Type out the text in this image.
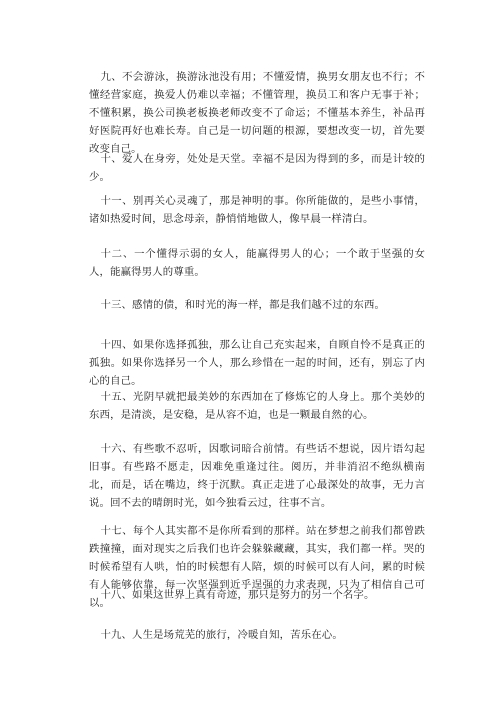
九、不会游泳，换游泳池没有用；不懂爱情，换男女朋友也不行；不懂经营家庭，换爱人仍难以幸福；不懂管理，换员工和客户无事于补；不懂积累，换公司换老板换老师改变不了命运；不懂基本养生，补品再好医院再好也难长寿。自己是一切问题的根源，要想改变一切，首先要改变自己。

十、爱人在身旁，处处是天堂。幸福不是因为得到的多，而是计较的少。

十一、别再关心灵魂了，那是神明的事。你所能做的，是些小事情，诸如热爱时间，思念母亲，静悄悄地做人，像早晨一样清白。

十二、一个懂得示弱的女人，能赢得男人的心；一个敢于坚强的女人，能赢得男人的尊重。

十三、感情的债，和时光的海一样，都是我们越不过的东西。

十四、如果你选择孤独，那么让自己充实起来，自顾自怜不是真正的孤独。如果你选择另一个人，那么珍惜在一起的时间，还有，别忘了内心的自己。

十五、光阴早就把最美妙的东西加在了修炼它的人身上。那个美妙的东西，是清淡，是安稳，是从容不迫，也是一颗最自然的心。

十六、有些歌不忍听，因歌词暗合前情。有些话不想说，因片语勾起旧事。有些路不愿走，因难免重逢过往。阅历，并非消沼不绝纵横南北，而是，话在嘴边，终于沉默。真正走进了心最深处的故事，无力言说。回不去的晴朗时光，如今独看云过，往事不言。

十七、每个人其实都不是你所看到的那样。站在梦想之前我们都曾跌跌撞撞，面对现实之后我们也许会躲躲藏藏，其实，我们都一样。哭的时候希望有人哄，怕的时候想有人陪，烦的时候可以有人问，累的时候有人能够依靠，每一次坚强到近乎逞强的力求表现，只为了相信自己可以。

十八、如果这世界上真有奇迹，那只是努力的另一个名字。

十九、人生是场荒芜的旅行，冷暖自知，苦乐在心。
